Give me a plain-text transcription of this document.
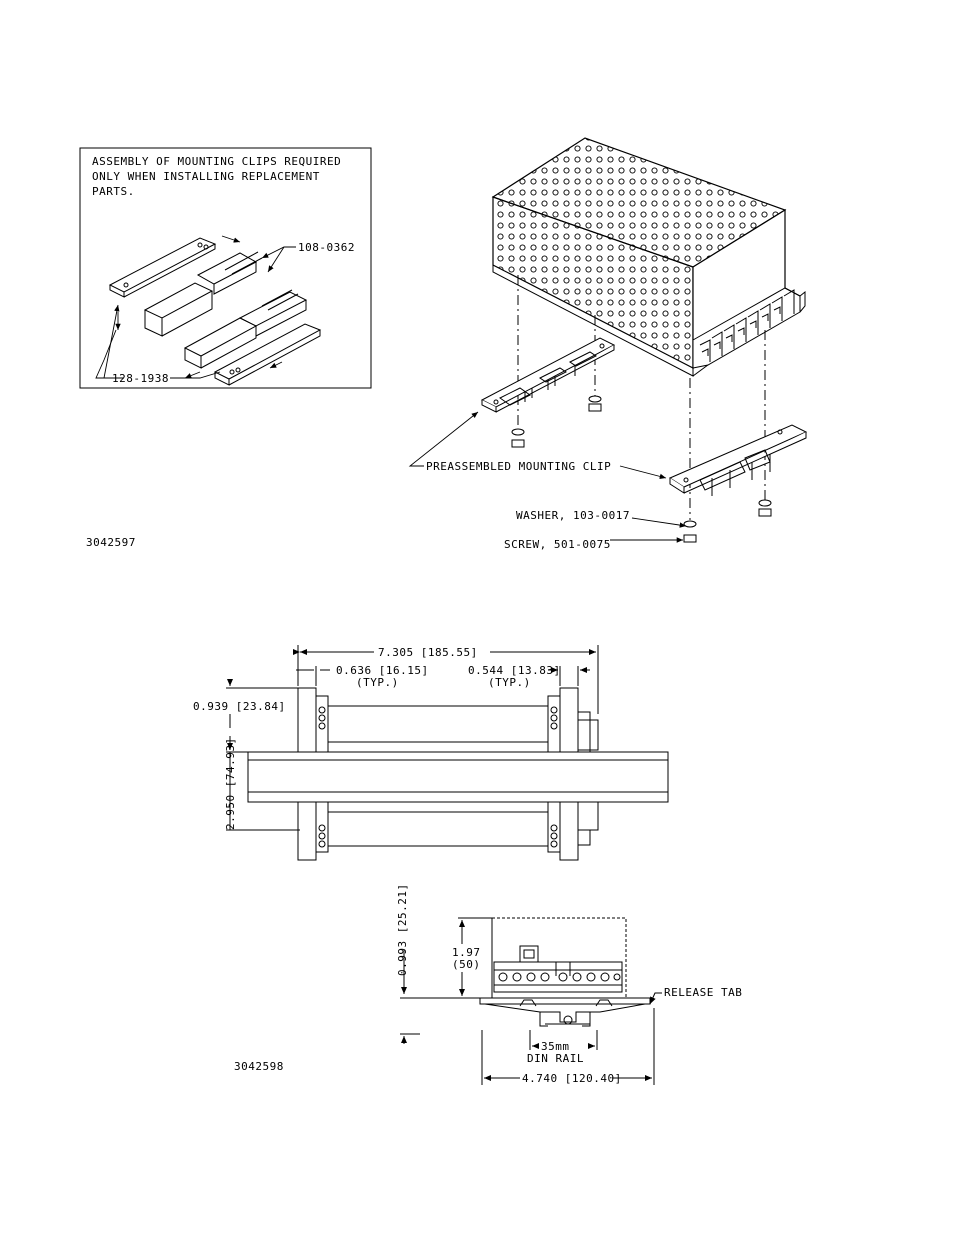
ASSEMBLY OF MOUNTING CLIPS REQUIRED
ONLY WHEN INSTALLING REPLACEMENT
PARTS.
108-0362
128-1938
PREASSEMBLED MOUNTING CLIP
WASHER, 103-0017
SCREW, 501-0075
3042597
7.305 [185.55]
0.636 [16.15]
(TYP.)
0.544 [13.83]
(TYP.)
0.939 [23.84]
2.950 [74.93]
0.993 [25.21]	1.97
(50)
RELEASE TAB
35mm
DIN RAIL
4.740 [120.40]
3042598
